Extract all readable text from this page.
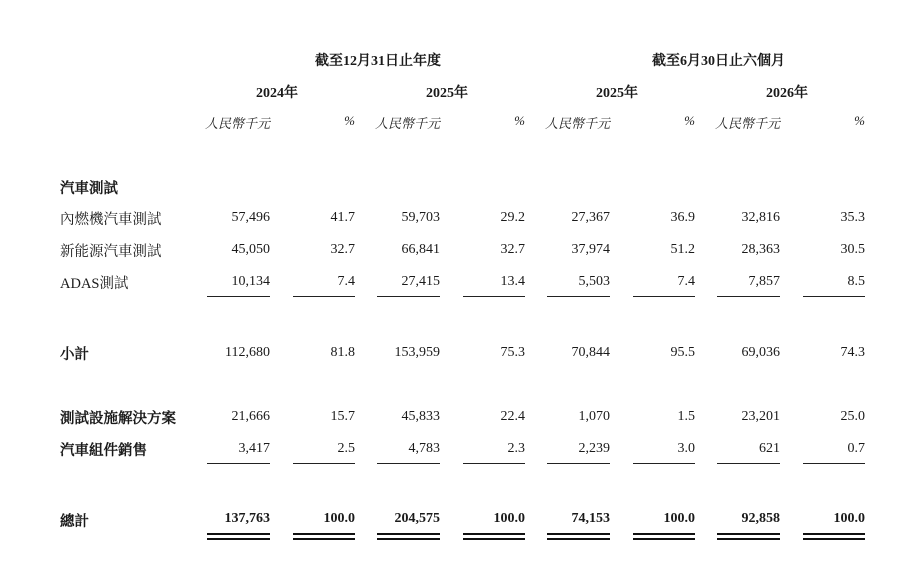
截至12月31日止年度	截至6月30日止六個月
2024年	2025年	2025年	2026年
人民幣千元	%	人民幣千元	%	人民幣千元	%	人民幣千元	%
汽車測試
內燃機汽車測試	57,496	41.7	59,703	29.2	27,367	36.9	32,816	35.3
新能源汽車測試	45,050	32.7	66,841	32.7	37,974	51.2	28,363	30.5
ADAS測試	10,134	7.4	27,415	13.4	5,503	7.4	7,857	8.5
小計	112,680	81.8	153,959	75.3	70,844	95.5	69,036	74.3
測試設施解決方案	21,666	15.7	45,833	22.4	1,070	1.5	23,201	25.0
汽車組件銷售	3,417	2.5	4,783	2.3	2,239	3.0	621	0.7
總計	137,763	100.0	204,575	100.0	74,153	100.0	92,858	100.0
